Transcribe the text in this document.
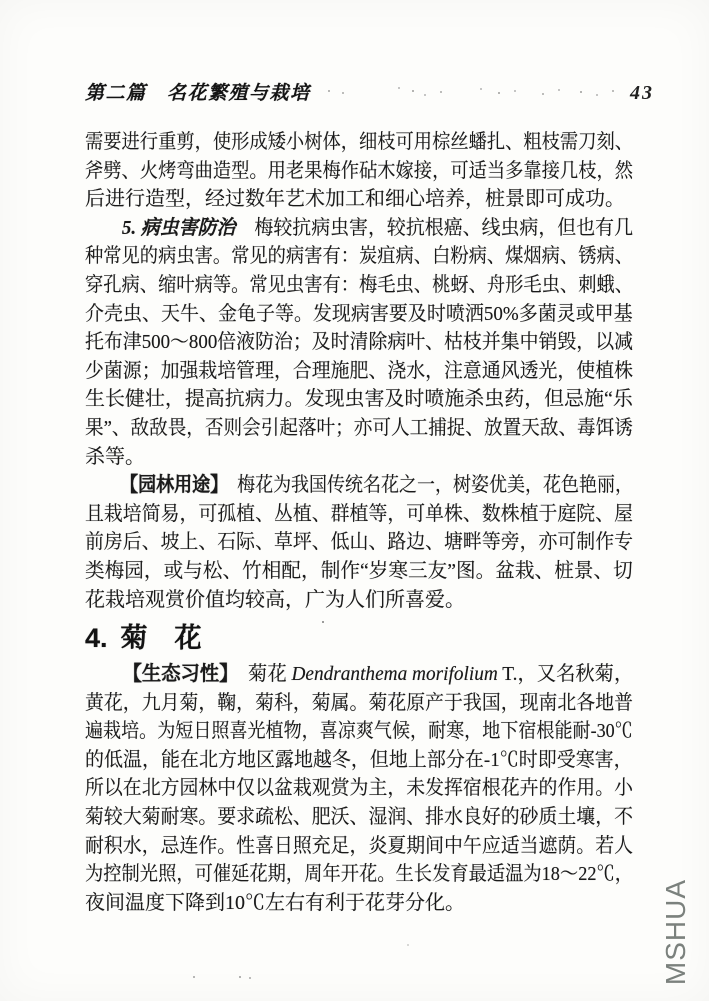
第二篇　名花繁殖与栽培	43
需要进行重剪，使形成矮小树体，细枝可用棕丝蟠扎、粗枝需刀刻、
斧劈、火烤弯曲造型。用老果梅作砧木嫁接，可适当多靠接几枝，然
后进行造型，经过数年艺术加工和细心培养，桩景即可成功。
5. 病虫害防治　梅较抗病虫害，较抗根癌、线虫病，但也有几
种常见的病虫害。常见的病害有：炭疽病、白粉病、煤烟病、锈病、
穿孔病、缩叶病等。常见虫害有：梅毛虫、桃蚜、舟形毛虫、刺蛾、
介壳虫、天牛、金龟子等。发现病害要及时喷洒50%多菌灵或甲基
托布津500～800倍液防治；及时清除病叶、枯枝并集中销毁，以减
少菌源；加强栽培管理，合理施肥、浇水，注意通风透光，使植株
生长健壮，提高抗病力。发现虫害及时喷施杀虫药，但忌施“乐
果”、敌敌畏，否则会引起落叶；亦可人工捕捉、放置天敌、毒饵诱
杀等。
【园林用途】　梅花为我国传统名花之一，树姿优美，花色艳丽，
且栽培简易，可孤植、丛植、群植等，可单株、数株植于庭院、屋
前房后、坡上、石际、草坪、低山、路边、塘畔等旁，亦可制作专
类梅园，或与松、竹相配，制作“岁寒三友”图。盆栽、桩景、切
花栽培观赏价值均较高，广为人们所喜爱。
4. 菊　花
【生态习性】　菊花 Dendranthema morifolium T.，又名秋菊，
黄花，九月菊，鞠，菊科，菊属。菊花原产于我国，现南北各地普
遍栽培。为短日照喜光植物，喜凉爽气候，耐寒，地下宿根能耐-30℃
的低温，能在北方地区露地越冬，但地上部分在-1℃时即受寒害，
所以在北方园林中仅以盆栽观赏为主，未发挥宿根花卉的作用。小
菊较大菊耐寒。要求疏松、肥沃、湿润、排水良好的砂质土壤，不
耐积水，忌连作。性喜日照充足，炎夏期间中午应适当遮荫。若人
为控制光照，可催延花期，周年开花。生长发育最适温为18～22℃，
夜间温度下降到10℃左右有利于花芽分化。	MSHUA
